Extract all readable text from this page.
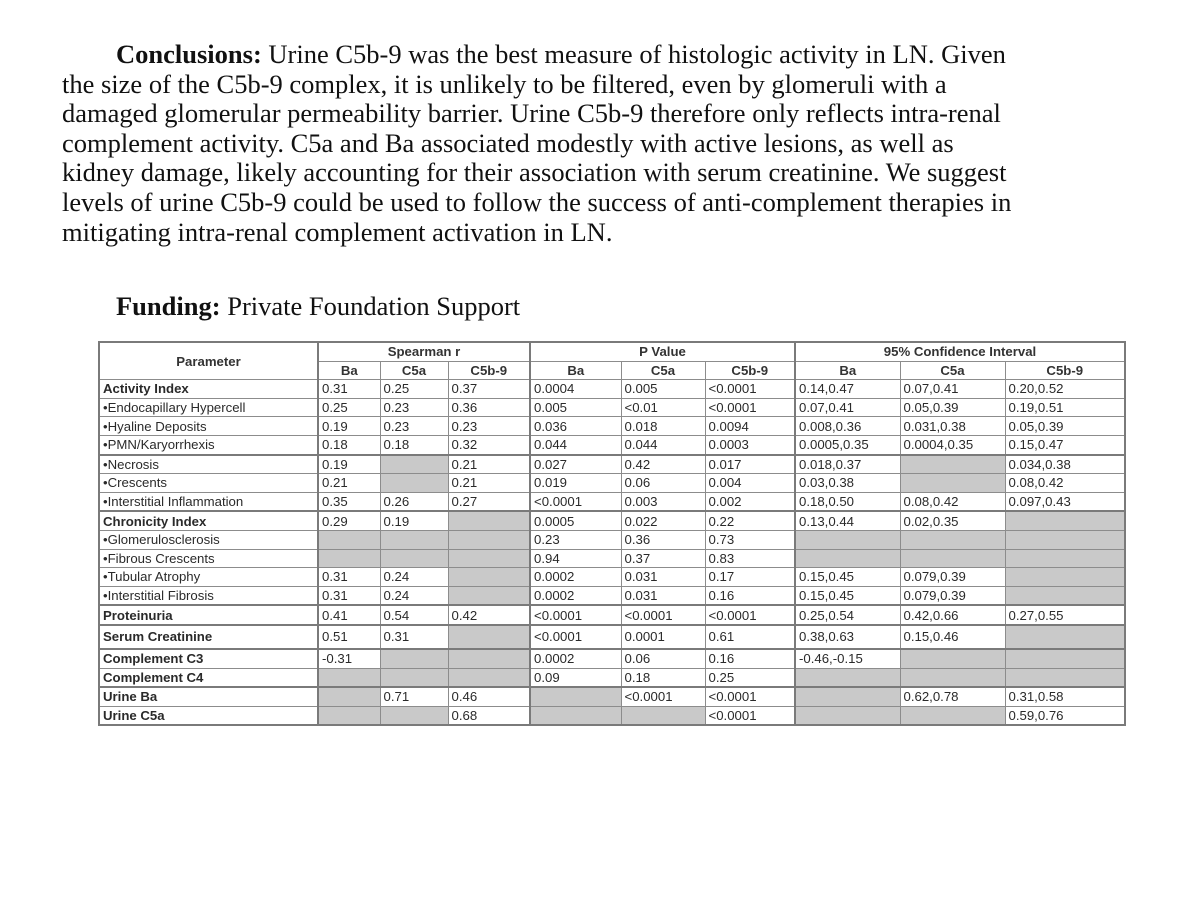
Conclusions: Urine C5b-9 was the best measure of histologic activity in LN. Given
the size of the C5b-9 complex, it is unlikely to be filtered, even by glomeruli with a
damaged glomerular permeability barrier. Urine C5b-9 therefore only reflects intra-renal
complement activity. C5a and Ba associated modestly with active lesions, as well as
kidney damage, likely accounting for their association with serum creatinine. We suggest
levels of urine C5b-9 could be used to follow the success of anti-complement therapies in
mitigating intra-renal complement activation in LN.
Funding: Private Foundation Support
Parameter	Spearman r			P Value			95% Confidence Interval		
	Ba	C5a	C5b-9	Ba	C5a	C5b-9	Ba	C5a	C5b-9
Activity Index	0.31	0.25	0.37	0.0004	0.005	<0.0001	0.14,0.47	0.07,0.41	0.20,0.52
•Endocapillary Hypercell	0.25	0.23	0.36	0.005	<0.01	<0.0001	0.07,0.41	0.05,0.39	0.19,0.51
•Hyaline Deposits	0.19	0.23	0.23	0.036	0.018	0.0094	0.008,0.36	0.031,0.38	0.05,0.39
•PMN/Karyorrhexis	0.18	0.18	0.32	0.044	0.044	0.0003	0.0005,0.35	0.0004,0.35	0.15,0.47
•Necrosis	0.19		0.21	0.027	0.42	0.017	0.018,0.37		0.034,0.38
•Crescents	0.21		0.21	0.019	0.06	0.004	0.03,0.38		0.08,0.42
•Interstitial Inflammation	0.35	0.26	0.27	<0.0001	0.003	0.002	0.18,0.50	0.08,0.42	0.097,0.43
Chronicity Index	0.29	0.19		0.0005	0.022	0.22	0.13,0.44	0.02,0.35	
•Glomerulosclerosis				0.23	0.36	0.73			
•Fibrous Crescents				0.94	0.37	0.83			
•Tubular Atrophy	0.31	0.24		0.0002	0.031	0.17	0.15,0.45	0.079,0.39	
•Interstitial Fibrosis	0.31	0.24		0.0002	0.031	0.16	0.15,0.45	0.079,0.39	
Proteinuria	0.41	0.54	0.42	<0.0001	<0.0001	<0.0001	0.25,0.54	0.42,0.66	0.27,0.55
Serum Creatinine	0.51	0.31		<0.0001	0.0001	0.61	0.38,0.63	0.15,0.46	
Complement C3	-0.31			0.0002	0.06	0.16	-0.46,-0.15		
Complement C4				0.09	0.18	0.25			
Urine Ba		0.71	0.46		<0.0001	<0.0001		0.62,0.78	0.31,0.58
Urine C5a			0.68			<0.0001			0.59,0.76
